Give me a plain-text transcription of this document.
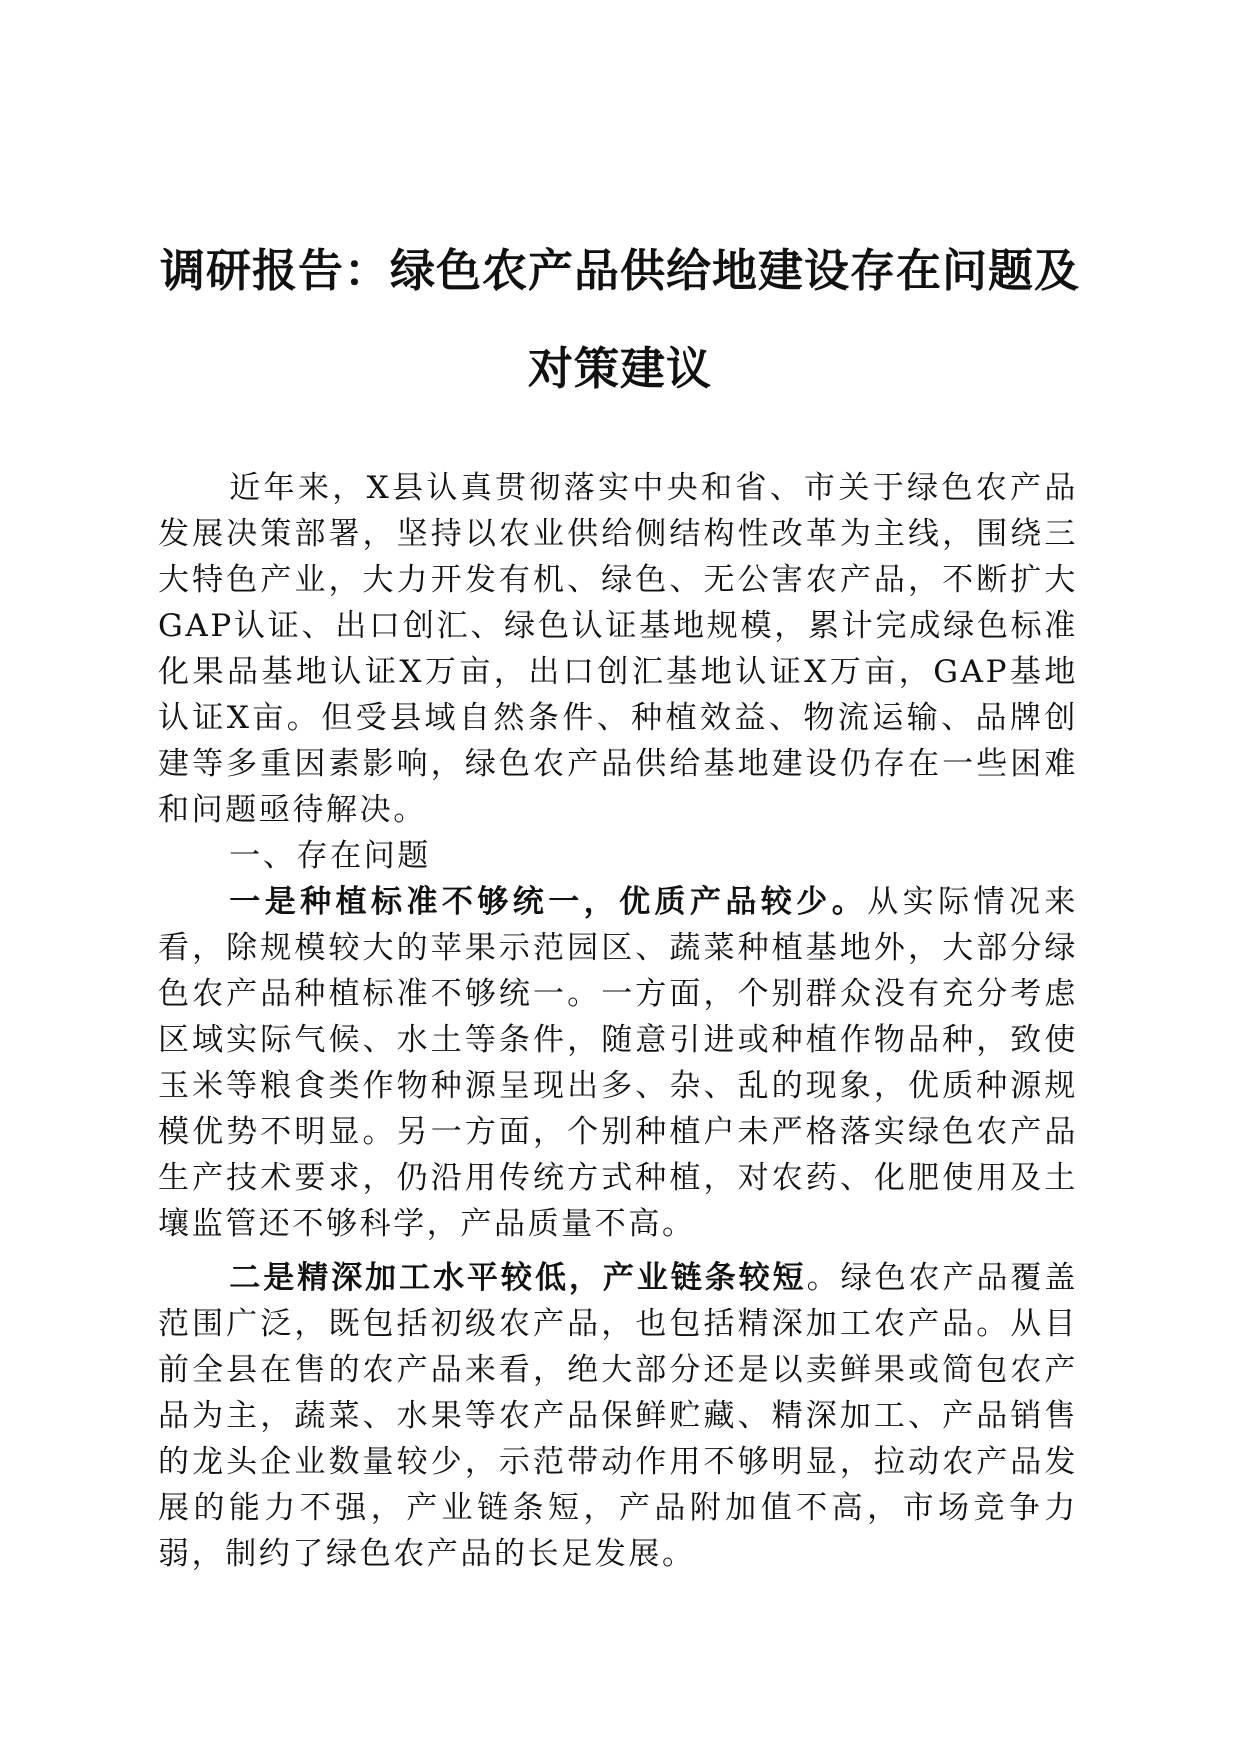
调研报告：绿色农产品供给地建设存在问题及
对策建议

近年来，X县认真贯彻落实中央和省、市关于绿色农产品发展决策部署，坚持以农业供给侧结构性改革为主线，围绕三大特色产业，大力开发有机、绿色、无公害农产品，不断扩大GAP认证、出口创汇、绿色认证基地规模，累计完成绿色标准化果品基地认证X万亩，出口创汇基地认证X万亩，GAP基地认证X亩。但受县域自然条件、种植效益、物流运输、品牌创建等多重因素影响，绿色农产品供给基地建设仍存在一些困难和问题亟待解决。

一、存在问题

一是种植标准不够统一，优质产品较少。从实际情况来看，除规模较大的苹果示范园区、蔬菜种植基地外，大部分绿色农产品种植标准不够统一。一方面，个别群众没有充分考虑区域实际气候、水土等条件，随意引进或种植作物品种，致使玉米等粮食类作物种源呈现出多、杂、乱的现象，优质种源规模优势不明显。另一方面，个别种植户未严格落实绿色农产品生产技术要求，仍沿用传统方式种植，对农药、化肥使用及土壤监管还不够科学，产品质量不高。

二是精深加工水平较低，产业链条较短。绿色农产品覆盖范围广泛，既包括初级农产品，也包括精深加工农产品。从目前全县在售的农产品来看，绝大部分还是以卖鲜果或简包农产品为主，蔬菜、水果等农产品保鲜贮藏、精深加工、产品销售的龙头企业数量较少，示范带动作用不够明显，拉动农产品发展的能力不强，产业链条短，产品附加值不高，市场竞争力弱，制约了绿色农产品的长足发展。
